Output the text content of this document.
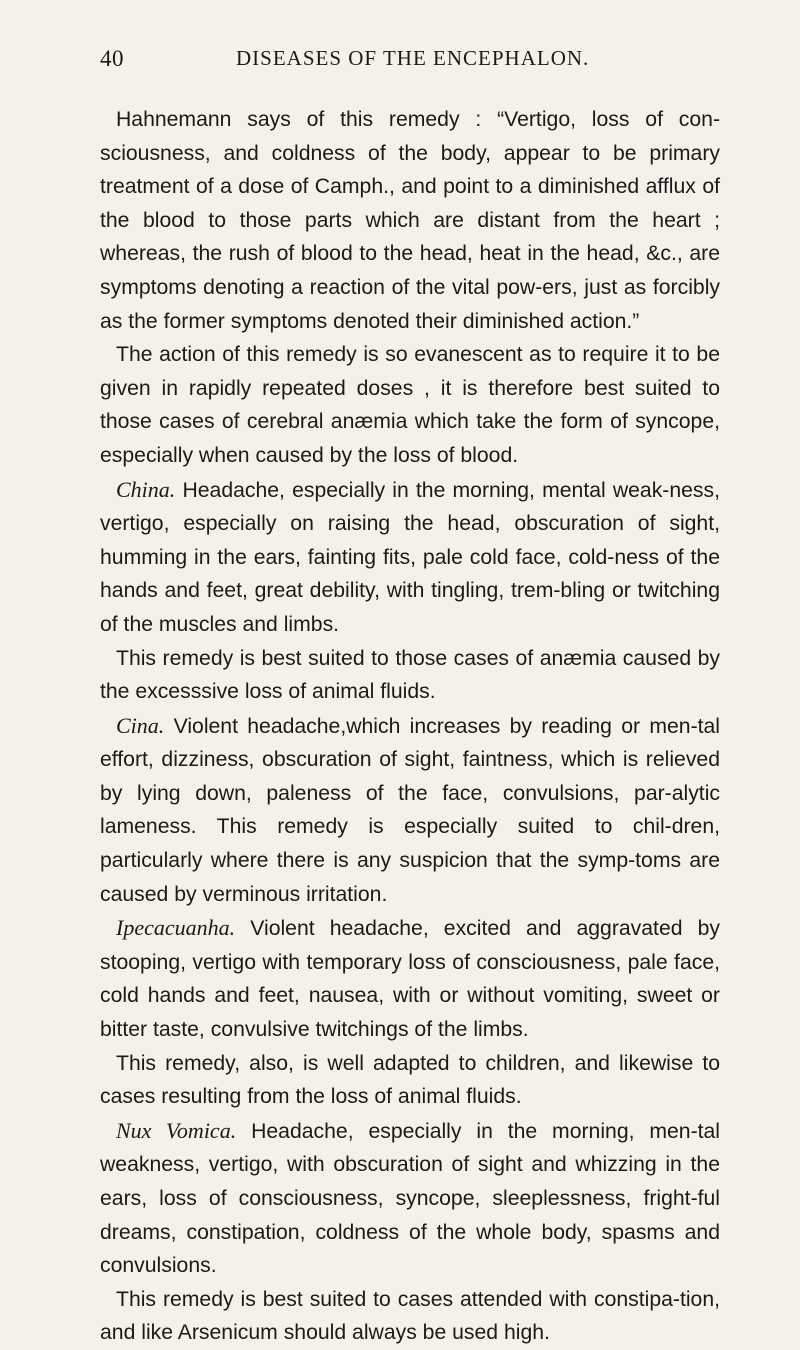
40	DISEASES OF THE ENCEPHALON.

Hahnemann says of this remedy : “Vertigo, loss of con-sciousness, and coldness of the body, appear to be primary treatment of a dose of Camph., and point to a diminished afflux of the blood to those parts which are distant from the heart ; whereas, the rush of blood to the head, heat in the head, &c., are symptoms denoting a reaction of the vital pow-ers, just as forcibly as the former symptoms denoted their diminished action.”

The action of this remedy is so evanescent as to require it to be given in rapidly repeated doses , it is therefore best suited to those cases of cerebral anæmia which take the form of syncope, especially when caused by the loss of blood.

China. Headache, especially in the morning, mental weak-ness, vertigo, especially on raising the head, obscuration of sight, humming in the ears, fainting fits, pale cold face, cold-ness of the hands and feet, great debility, with tingling, trem-bling or twitching of the muscles and limbs.

This remedy is best suited to those cases of anæmia caused by the excesssive loss of animal fluids.

Cina. Violent headache,which increases by reading or men-tal effort, dizziness, obscuration of sight, faintness, which is relieved by lying down, paleness of the face, convulsions, par-alytic lameness. This remedy is especially suited to chil-dren, particularly where there is any suspicion that the symp-toms are caused by verminous irritation.

Ipecacuanha. Violent headache, excited and aggravated by stooping, vertigo with temporary loss of consciousness, pale face, cold hands and feet, nausea, with or without vomiting, sweet or bitter taste, convulsive twitchings of the limbs.

This remedy, also, is well adapted to children, and likewise to cases resulting from the loss of animal fluids.

Nux Vomica. Headache, especially in the morning, men-tal weakness, vertigo, with obscuration of sight and whizzing in the ears, loss of consciousness, syncope, sleeplessness, fright-ful dreams, constipation, coldness of the whole body, spasms and convulsions.

This remedy is best suited to cases attended with constipa-tion, and like Arsenicum should always be used high.
